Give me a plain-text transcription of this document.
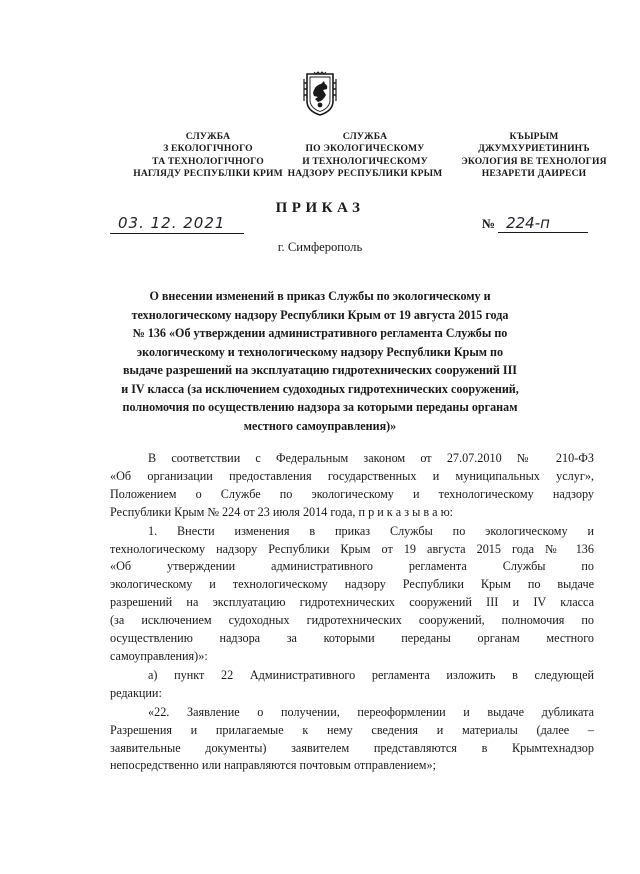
СЛУЖБА
З ЕКОЛОГІЧНОГО
ТА ТЕХНОЛОГІЧНОГО
НАГЛЯДУ РЕСПУБЛІКИ КРИМ
СЛУЖБА
ПО ЭКОЛОГИЧЕСКОМУ
И ТЕХНОЛОГИЧЕСКОМУ
НАДЗОРУ РЕСПУБЛИКИ КРЫМ
КЪЫРЫМ
ДЖУМХУРИЕТИНИНЪ
ЭКОЛОГИЯ ВЕ ТЕХНОЛОГИЯ
НЕЗАРЕТИ ДАИРЕСИ
ПРИКАЗ
03. 12. 2021	№ 224-п
г. Симферополь
О внесении изменений в приказ Службы по экологическому и
технологическому надзору Республики Крым от 19 августа 2015 года
№ 136 «Об утверждении административного регламента Службы по
экологическому и технологическому надзору Республики Крым по
выдаче разрешений на эксплуатацию гидротехнических сооружений III
и IV класса (за исключением судоходных гидротехнических сооружений,
полномочия по осуществлению надзора за которыми переданы органам
местного самоуправления)»
В соответствии с Федеральным законом от 27.07.2010 № 210-ФЗ
«Об организации предоставления государственных и муниципальных услуг»,
Положением о Службе по экологическому и технологическому надзору
Республики Крым № 224 от 23 июля 2014 года, п р и к а з ы в а ю:
1. Внести изменения в приказ Службы по экологическому и
технологическому надзору Республики Крым от 19 августа 2015 года № 136
«Об утверждении административного регламента Службы по
экологическому и технологическому надзору Республики Крым по выдаче
разрешений на эксплуатацию гидротехнических сооружений III и IV класса
(за исключением судоходных гидротехнических сооружений, полномочия по
осуществлению надзора за которыми переданы органам местного
самоуправления)»:
а) пункт 22 Административного регламента изложить в следующей
редакции:
«22. Заявление о получении, переоформлении и выдаче дубликата
Разрешения и прилагаемые к нему сведения и материалы (далее –
заявительные документы) заявителем представляются в Крымтехнадзор
непосредственно или направляются почтовым отправлением»;
